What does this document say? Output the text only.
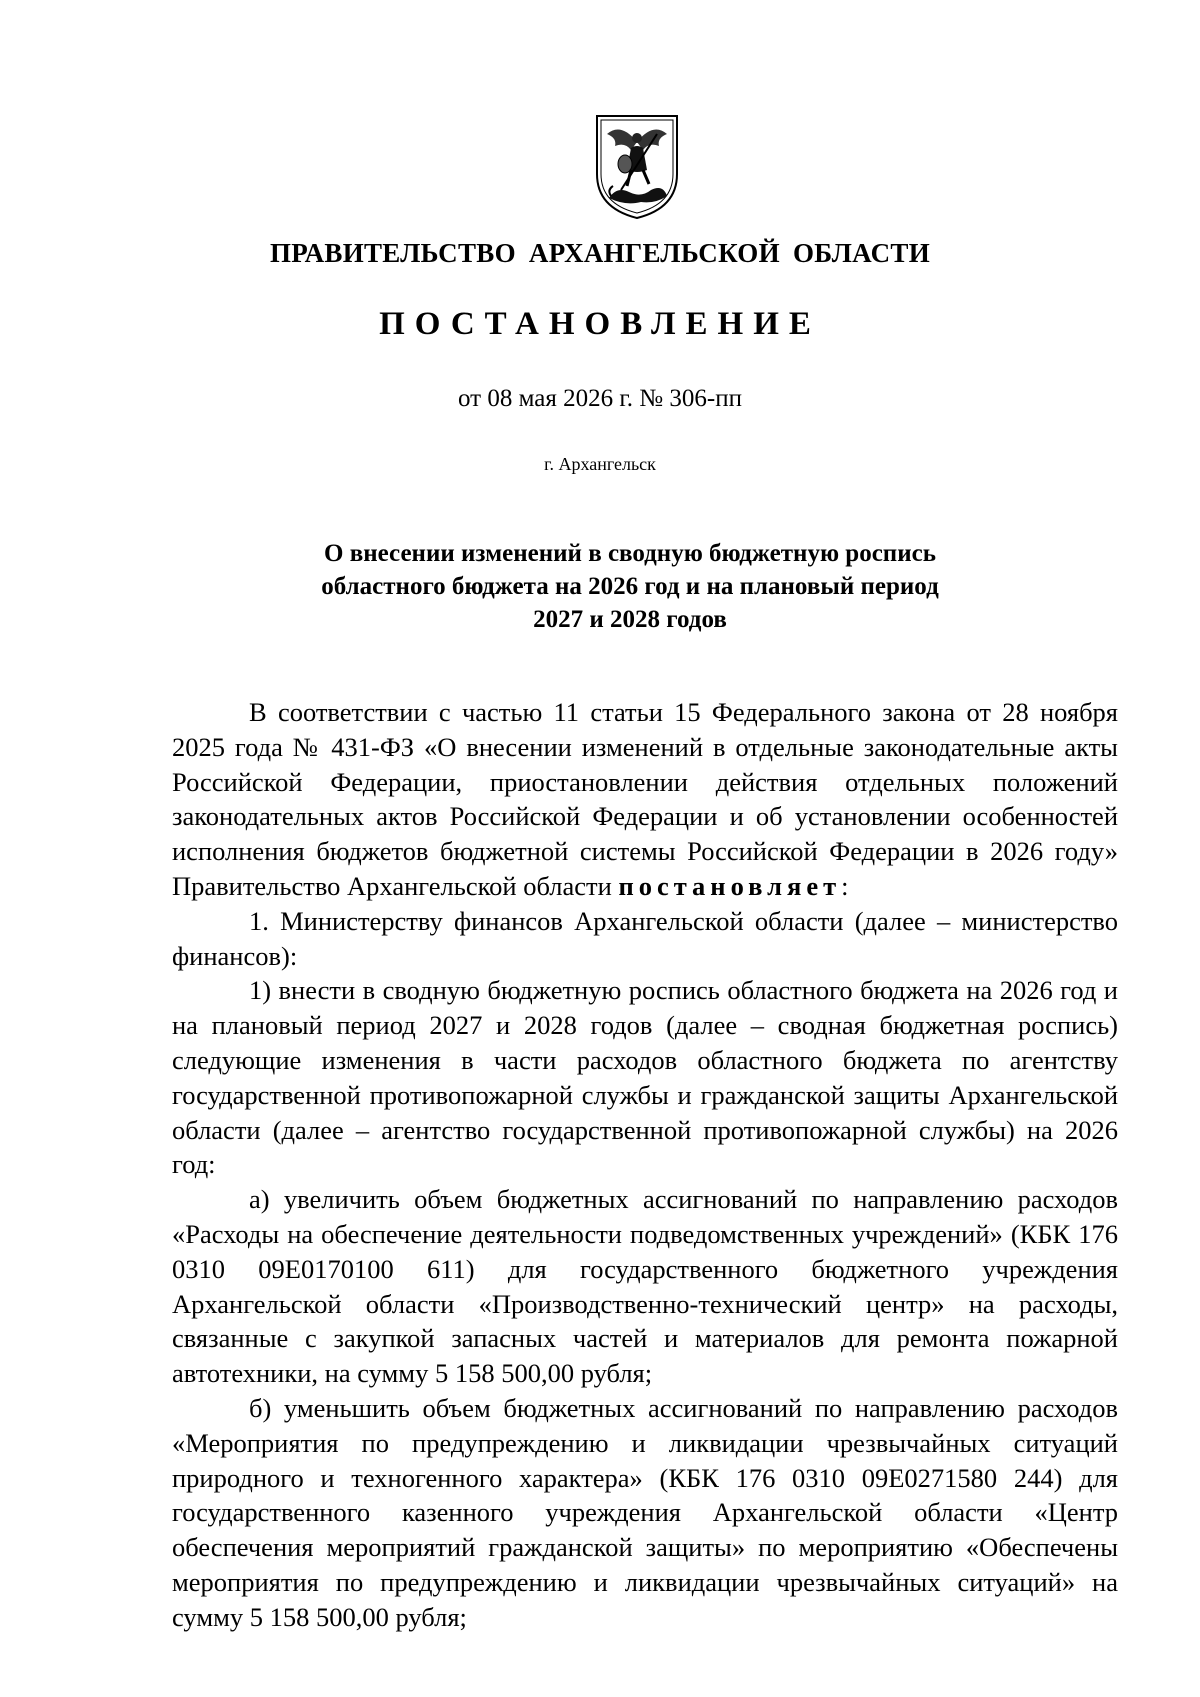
ПРАВИТЕЛЬСТВО АРХАНГЕЛЬСКОЙ ОБЛАСТИ
ПОСТАНОВЛЕНИЕ
от 08 мая 2026 г. № 306-пп
г. Архангельск
О внесении изменений в сводную бюджетную роспись
областного бюджета на 2026 год и на плановый период
2027 и 2028 годов

В соответствии с частью 11 статьи 15 Федерального закона от 28 ноября 2025 года № 431-ФЗ «О внесении изменений в отдельные законодательные акты Российской Федерации, приостановлении действия отдельных положений законодательных актов Российской Федерации и об установлении особенностей исполнения бюджетов бюджетной системы Российской Федерации в 2026 году» Правительство Архангельской области постановляет:

1. Министерству финансов Архангельской области (далее – министерство финансов):

1) внести в сводную бюджетную роспись областного бюджета на 2026 год и на плановый период 2027 и 2028 годов (далее – сводная бюджетная роспись) следующие изменения в части расходов областного бюджета по агентству государственной противопожарной службы и гражданской защиты Архангельской области (далее – агентство государственной противопожарной службы) на 2026 год:

а) увеличить объем бюджетных ассигнований по направлению расходов «Расходы на обеспечение деятельности подведомственных учреждений» (КБК 176 0310 09Е0170100 611) для государственного бюджетного учреждения Архангельской области «Производственно-технический центр» на расходы, связанные с закупкой запасных частей и материалов для ремонта пожарной автотехники, на сумму 5 158 500,00 рубля;

б) уменьшить объем бюджетных ассигнований по направлению расходов «Мероприятия по предупреждению и ликвидации чрезвычайных ситуаций природного и техногенного характера» (КБК 176 0310 09Е0271580 244) для государственного казенного учреждения Архангельской области «Центр обеспечения мероприятий гражданской защиты» по мероприятию «Обеспечены мероприятия по предупреждению и ликвидации чрезвычайных ситуаций» на сумму 5 158 500,00 рубля;
